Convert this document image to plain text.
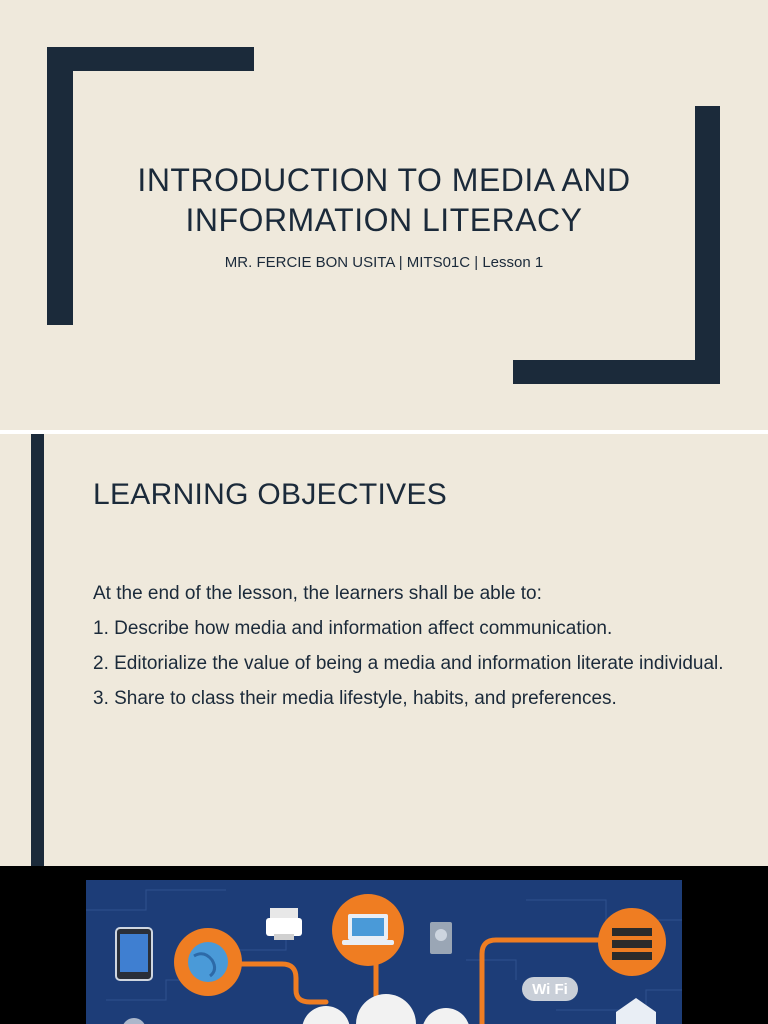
INTRODUCTION TO MEDIA AND
INFORMATION LITERACY
MR. FERCIE BON USITA | MITS01C | Lesson 1
LEARNING OBJECTIVES

At the end of the lesson, the learners shall be able to:

1. Describe how media and information affect communication.

2. Editorialize the value of being a media and information literate individual.

3. Share to class their media lifestyle, habits, and preferences.

Wi Fi
